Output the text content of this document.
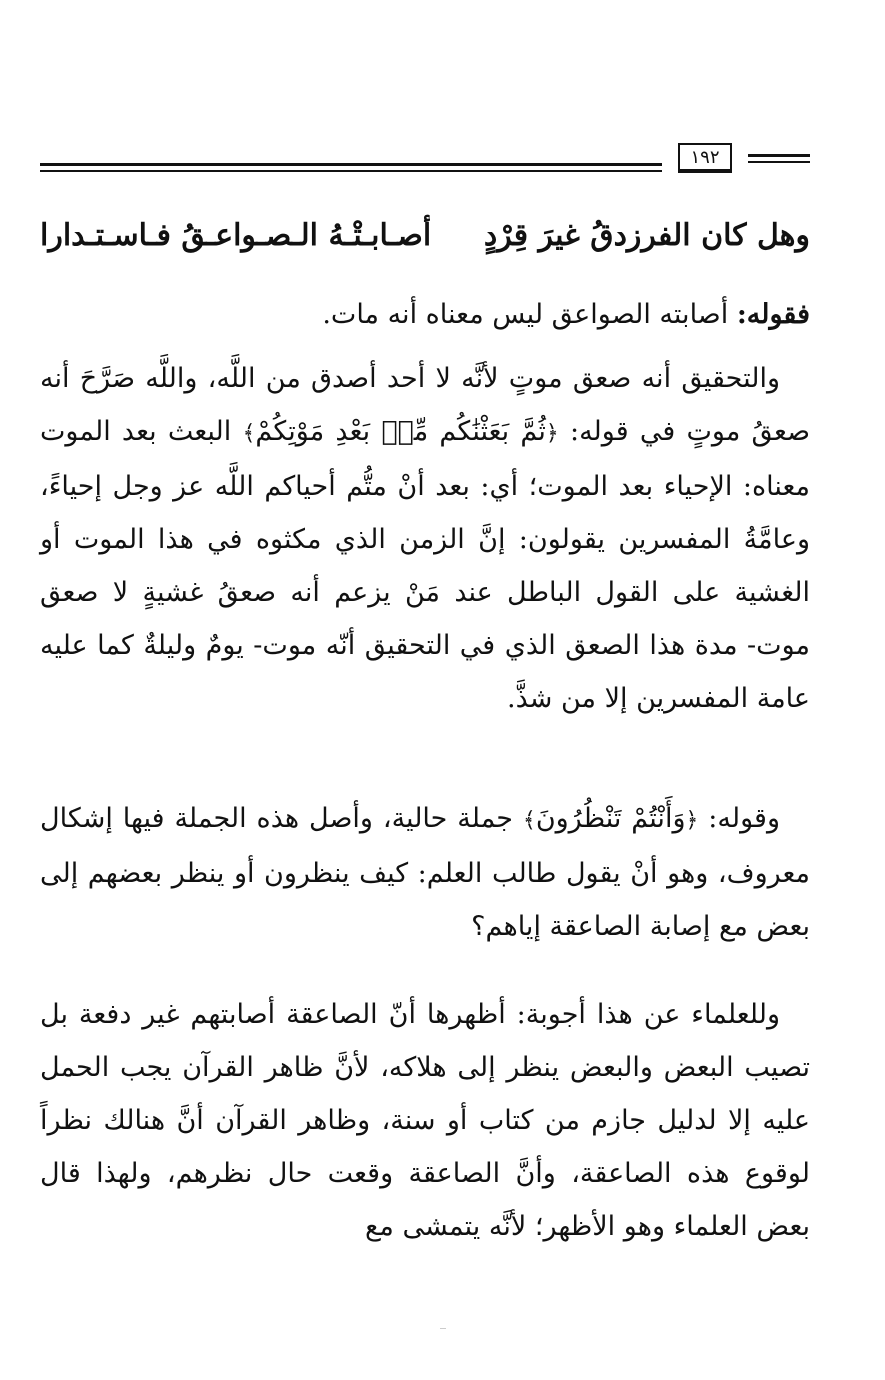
١٩٢
وهل كان الفرزدقُ غيرَ قِرْدٍ
أصـابـتْـهُ الـصـواعـقُ فـاسـتـدارا
فقوله: أصابته الصواعق ليس معناه أنه مات.
والتحقيق أنه صعق موتٍ لأنَّه لا أحد أصدق من اللَّه، واللَّه صَرَّحَ أنه صعقُ موتٍ في قوله: ﴿ثُمَّ بَعَثْنَٰكُم مِّنۢ بَعْدِ مَوْتِكُمْ﴾ البعث بعد الموت معناه: الإحياء بعد الموت؛ أي: بعد أنْ متُّم أحياكم اللَّه عز وجل إحياءً، وعامَّةُ المفسرين يقولون: إنَّ الزمن الذي مكثوه في هذا الموت أو الغشية على القول الباطل عند مَنْ يزعم أنه صعقُ غشيةٍ لا صعق موت- مدة هذا الصعق الذي في التحقيق أنّه موت- يومٌ وليلةٌ كما عليه عامة المفسرين إلا من شذَّ.
وقوله: ﴿وَأَنْتُمْ تَنْظُرُونَ﴾ جملة حالية، وأصل هذه الجملة فيها إشكال معروف، وهو أنْ يقول طالب العلم: كيف ينظرون أو ينظر بعضهم إلى بعض مع إصابة الصاعقة إياهم؟
وللعلماء عن هذا أجوبة: أظهرها أنّ الصاعقة أصابتهم غير دفعة بل تصيب البعض والبعض ينظر إلى هلاكه، لأنَّ ظاهر القرآن يجب الحمل عليه إلا لدليل جازم من كتاب أو سنة، وظاهر القرآن أنَّ هنالك نظراً لوقوع هذه الصاعقة، وأنَّ الصاعقة وقعت حال نظرهم، ولهذا قال بعض العلماء وهو الأظهر؛ لأنَّه يتمشى مع
